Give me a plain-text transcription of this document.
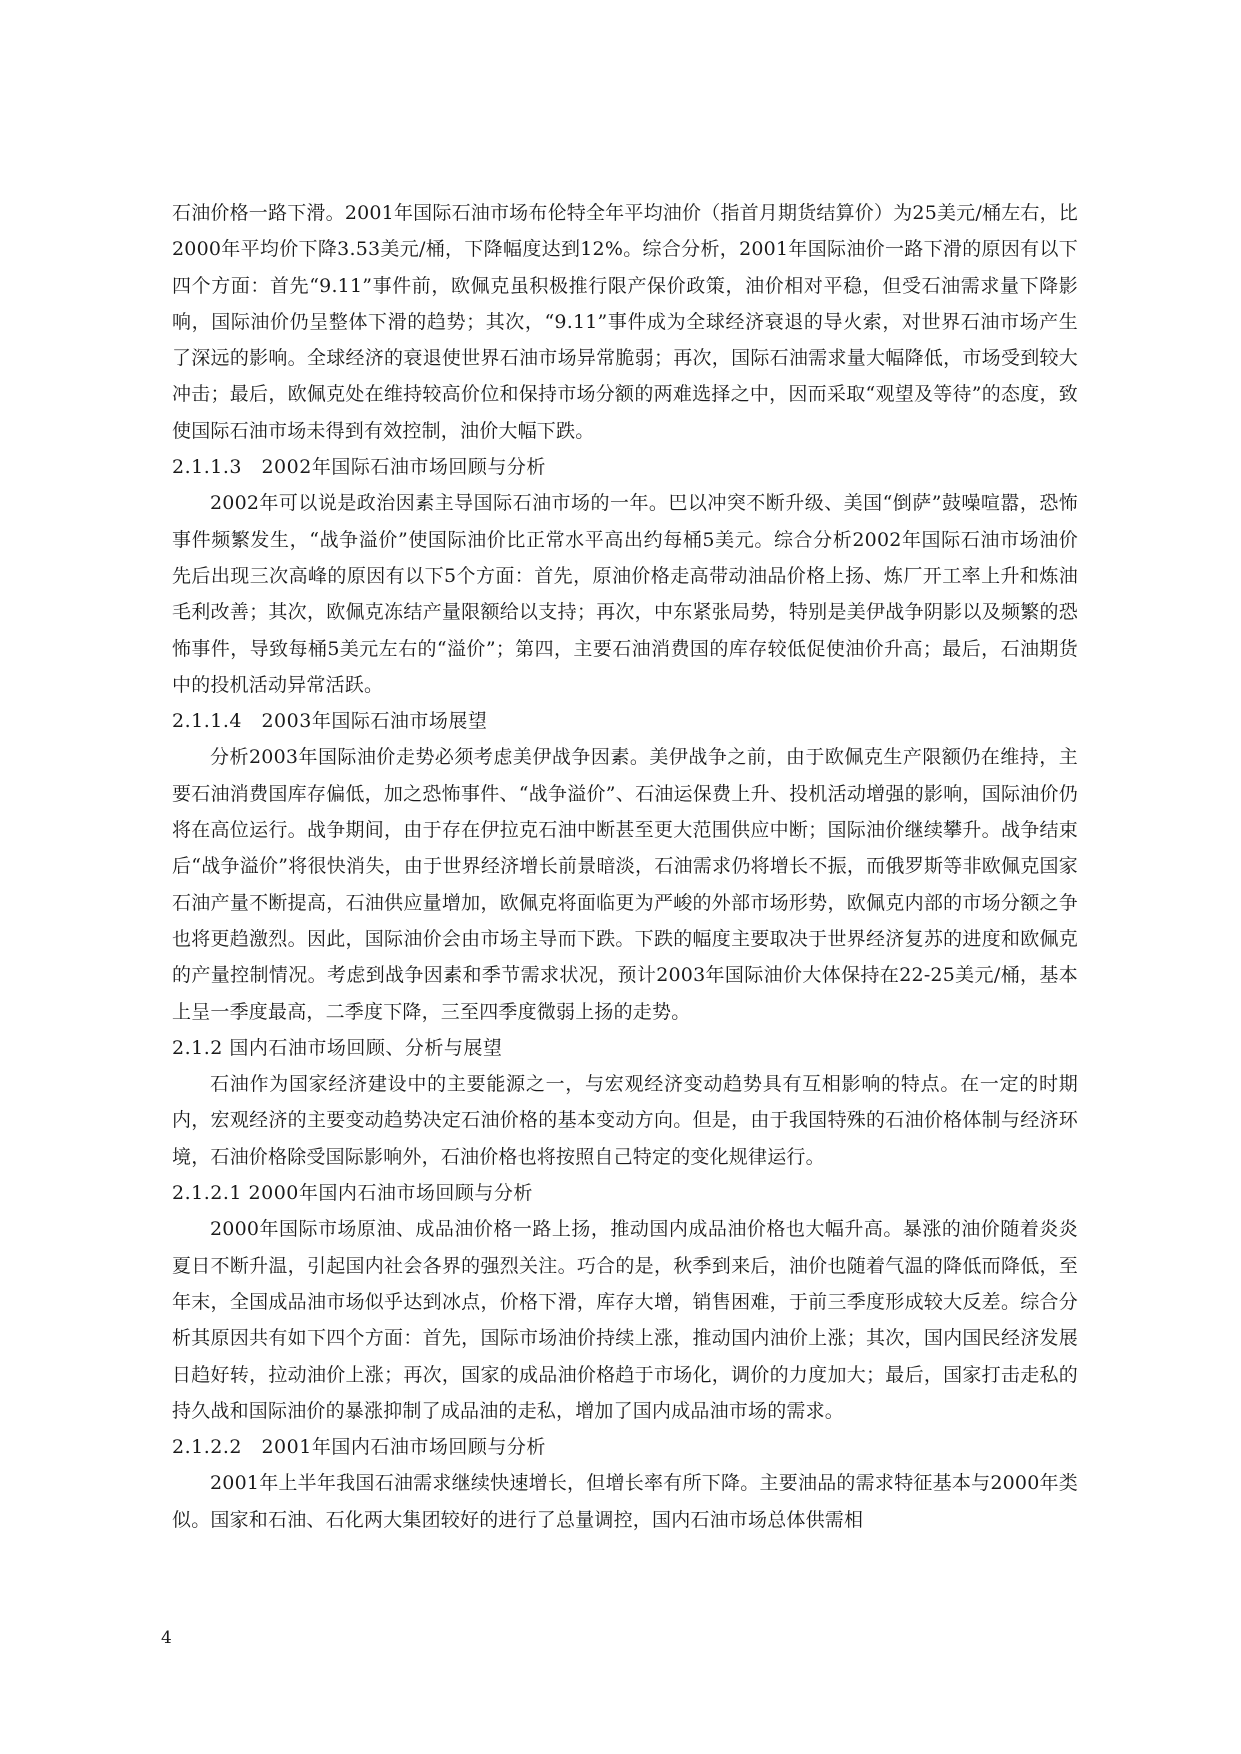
石油价格一路下滑。2001年国际石油市场布伦特全年平均油价（指首月期货结算价）为25美元/桶左右，比2000年平均价下降3.53美元/桶，下降幅度达到12%。综合分析，2001年国际油价一路下滑的原因有以下四个方面：首先“9.11”事件前，欧佩克虽积极推行限产保价政策，油价相对平稳，但受石油需求量下降影响，国际油价仍呈整体下滑的趋势；其次，“9.11”事件成为全球经济衰退的导火索，对世界石油市场产生了深远的影响。全球经济的衰退使世界石油市场异常脆弱；再次，国际石油需求量大幅降低，市场受到较大冲击；最后，欧佩克处在维持较高价位和保持市场分额的两难选择之中，因而采取“观望及等待”的态度，致使国际石油市场未得到有效控制，油价大幅下跌。

2.1.1.3　2002年国际石油市场回顾与分析

2002年可以说是政治因素主导国际石油市场的一年。巴以冲突不断升级、美国“倒萨”鼓噪喧嚣，恐怖事件频繁发生，“战争溢价”使国际油价比正常水平高出约每桶5美元。综合分析2002年国际石油市场油价先后出现三次高峰的原因有以下5个方面：首先，原油价格走高带动油品价格上扬、炼厂开工率上升和炼油毛利改善；其次，欧佩克冻结产量限额给以支持；再次，中东紧张局势，特别是美伊战争阴影以及频繁的恐怖事件，导致每桶5美元左右的“溢价”；第四，主要石油消费国的库存较低促使油价升高；最后，石油期货中的投机活动异常活跃。

2.1.1.4　2003年国际石油市场展望

分析2003年国际油价走势必须考虑美伊战争因素。美伊战争之前，由于欧佩克生产限额仍在维持，主要石油消费国库存偏低，加之恐怖事件、“战争溢价”、石油运保费上升、投机活动增强的影响，国际油价仍将在高位运行。战争期间，由于存在伊拉克石油中断甚至更大范围供应中断；国际油价继续攀升。战争结束后“战争溢价”将很快消失，由于世界经济增长前景暗淡，石油需求仍将增长不振，而俄罗斯等非欧佩克国家石油产量不断提高，石油供应量增加，欧佩克将面临更为严峻的外部市场形势，欧佩克内部的市场分额之争也将更趋激烈。因此，国际油价会由市场主导而下跌。下跌的幅度主要取决于世界经济复苏的进度和欧佩克的产量控制情况。考虑到战争因素和季节需求状况，预计2003年国际油价大体保持在22-25美元/桶，基本上呈一季度最高，二季度下降，三至四季度微弱上扬的走势。

2.1.2 国内石油市场回顾、分析与展望

石油作为国家经济建设中的主要能源之一，与宏观经济变动趋势具有互相影响的特点。在一定的时期内，宏观经济的主要变动趋势决定石油价格的基本变动方向。但是，由于我国特殊的石油价格体制与经济环境，石油价格除受国际影响外，石油价格也将按照自己特定的变化规律运行。

2.1.2.1 2000年国内石油市场回顾与分析

2000年国际市场原油、成品油价格一路上扬，推动国内成品油价格也大幅升高。暴涨的油价随着炎炎夏日不断升温，引起国内社会各界的强烈关注。巧合的是，秋季到来后，油价也随着气温的降低而降低，至年末，全国成品油市场似乎达到冰点，价格下滑，库存大增，销售困难，于前三季度形成较大反差。综合分析其原因共有如下四个方面：首先，国际市场油价持续上涨，推动国内油价上涨；其次，国内国民经济发展日趋好转，拉动油价上涨；再次，国家的成品油价格趋于市场化，调价的力度加大；最后，国家打击走私的持久战和国际油价的暴涨抑制了成品油的走私，增加了国内成品油市场的需求。

2.1.2.2　2001年国内石油市场回顾与分析

2001年上半年我国石油需求继续快速增长，但增长率有所下降。主要油品的需求特征基本与2000年类似。国家和石油、石化两大集团较好的进行了总量调控，国内石油市场总体供需相

4
